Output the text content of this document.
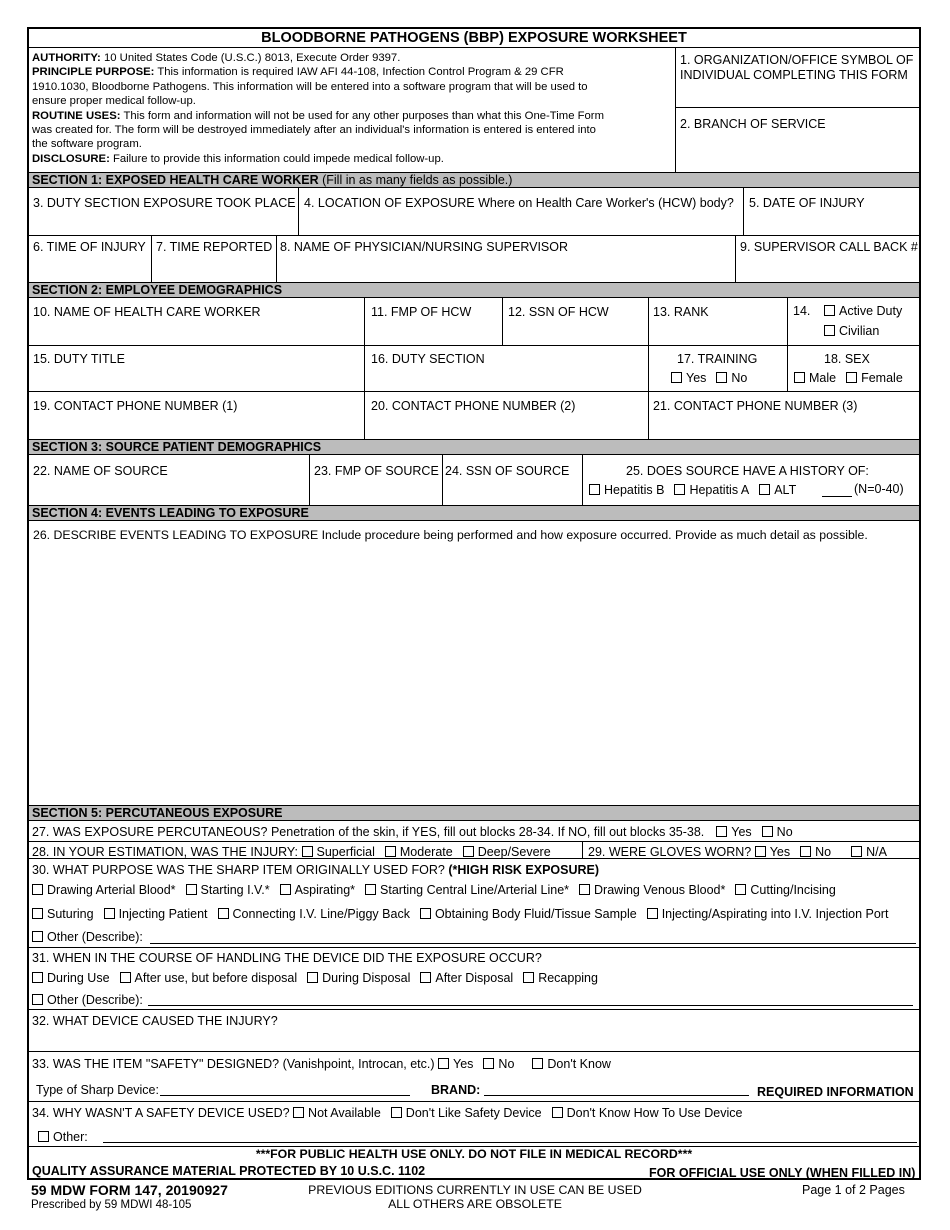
BLOODBORNE PATHOGENS (BBP) EXPOSURE WORKSHEET
AUTHORITY: 10 United States Code (U.S.C.) 8013, Execute Order 9397.
PRINCIPLE PURPOSE: This information is required IAW AFI 44-108, Infection Control Program & 29 CFR
1910.1030, Bloodborne Pathogens. This information will be entered into a software program that will be used to
ensure proper medical follow-up.
ROUTINE USES: This form and information will not be used for any other purposes than what this One-Time Form
was created for. The form will be destroyed immediately after an individual's information is entered is entered into
the software program.
DISCLOSURE: Failure to provide this information could impede medical follow-up.
1. ORGANIZATION/OFFICE SYMBOL OF
INDIVIDUAL COMPLETING THIS FORM
2. BRANCH OF SERVICE
SECTION 1: EXPOSED HEALTH CARE WORKER (Fill in as many fields as possible.)
3. DUTY SECTION EXPOSURE TOOK PLACE 4. LOCATION OF EXPOSURE Where on Health Care Worker's (HCW) body? 5. DATE OF INJURY
6. TIME OF INJURY 7. TIME REPORTED 8. NAME OF PHYSICIAN/NURSING SUPERVISOR	9. SUPERVISOR CALL BACK #
SECTION 2: EMPLOYEE DEMOGRAPHICS
10. NAME OF HEALTH CARE WORKER	11. FMP OF HCW	12. SSN OF HCW	13. RANK	14.	Active Duty
Civilian
15. DUTY TITLE	16. DUTY SECTION	17. TRAINING
Yes No
18. SEX
Male Female
19. CONTACT PHONE NUMBER (1)	20. CONTACT PHONE NUMBER (2)	21. CONTACT PHONE NUMBER (3)
SECTION 3: SOURCE PATIENT DEMOGRAPHICS
22. NAME OF SOURCE	23. FMP OF SOURCE 24. SSN OF SOURCE	25. DOES SOURCE HAVE A HISTORY OF:
Hepatitis B Hepatitis A ALT	(N=0-40)
SECTION 4: EVENTS LEADING TO EXPOSURE
26. DESCRIBE EVENTS LEADING TO EXPOSURE Include procedure being performed and how exposure occurred. Provide as much detail as possible.
SECTION 5: PERCUTANEOUS EXPOSURE
27. WAS EXPOSURE PERCUTANEOUS? Penetration of the skin, if YES, fill out blocks 28-34. If NO, fill out blocks 35-38. Yes No
28. IN YOUR ESTIMATION, WAS THE INJURY: Superficial Moderate Deep/Severe	29. WERE GLOVES WORN? Yes No	N/A
30. WHAT PURPOSE WAS THE SHARP ITEM ORIGINALLY USED FOR? (*HIGH RISK EXPOSURE)
Drawing Arterial Blood* Starting I.V.* Aspirating* Starting Central Line/Arterial Line* Drawing Venous Blood* Cutting/Incising
Suturing Injecting Patient Connecting I.V. Line/Piggy Back Obtaining Body Fluid/Tissue Sample Injecting/Aspirating into I.V. Injection Port
Other (Describe):
31. WHEN IN THE COURSE OF HANDLING THE DEVICE DID THE EXPOSURE OCCUR?
During Use After use, but before disposal During Disposal After Disposal Recapping
Other (Describe):
32. WHAT DEVICE CAUSED THE INJURY?
33. WAS THE ITEM "SAFETY" DESIGNED? (Vanishpoint, Introcan, etc.) Yes No	Don't Know
Type of Sharp Device:	BRAND:	REQUIRED INFORMATION
34. WHY WASN'T A SAFETY DEVICE USED? Not Available Don't Like Safety Device Don't Know How To Use Device
Other:
***FOR PUBLIC HEALTH USE ONLY. DO NOT FILE IN MEDICAL RECORD***
QUALITY ASSURANCE MATERIAL PROTECTED BY 10 U.S.C. 1102	FOR OFFICIAL USE ONLY (WHEN FILLED IN)
59 MDW FORM 147, 20190927
Prescribed by 59 MDWI 48-105
PREVIOUS EDITIONS CURRENTLY IN USE CAN BE USED
ALL OTHERS ARE OBSOLETE
Page 1 of 2 Pages
